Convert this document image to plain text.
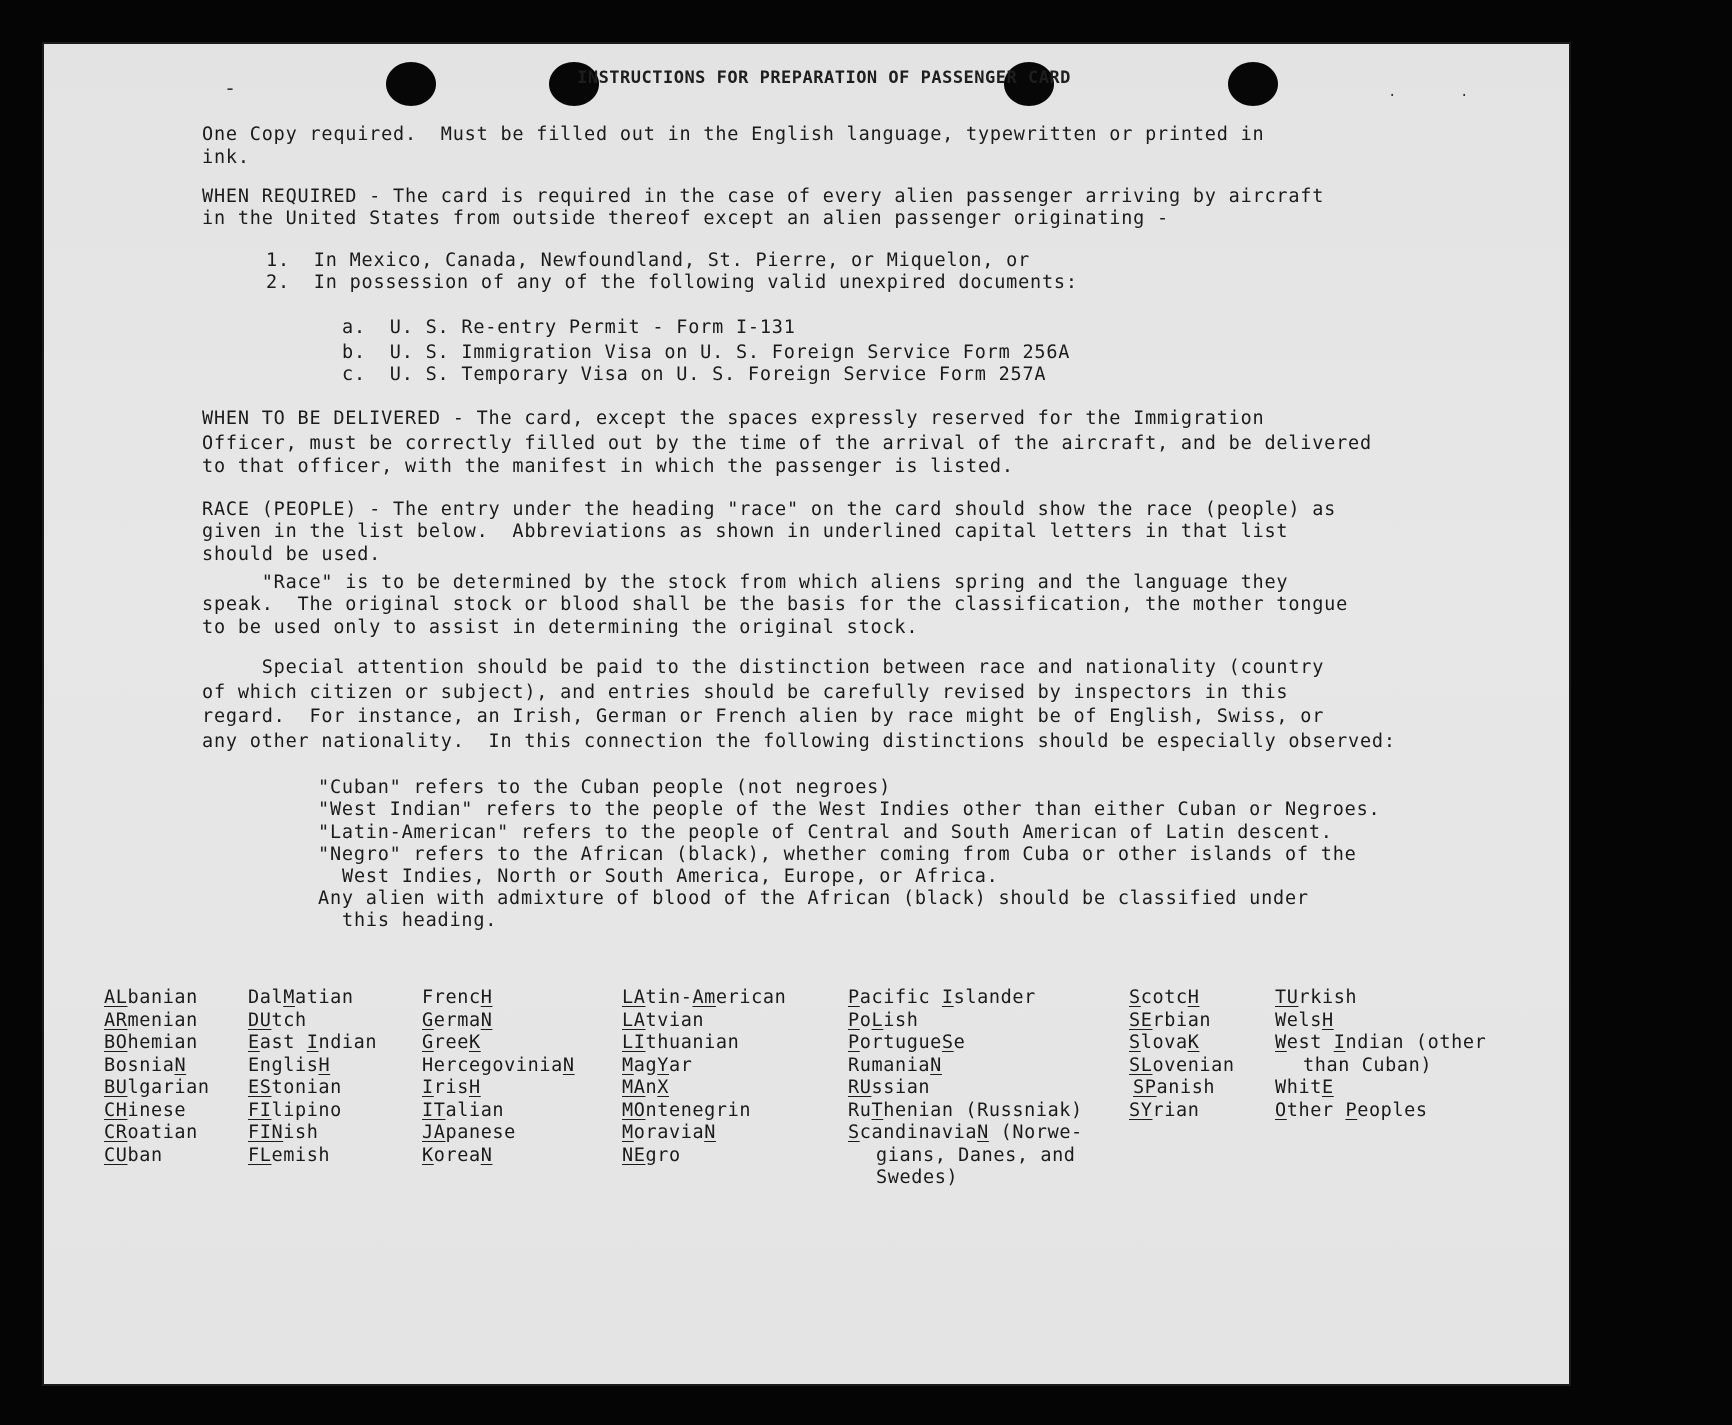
-	.	.
INSTRUCTIONS FOR PREPARATION OF PASSENGER CARD
One Copy required.  Must be filled out in the English language, typewritten or printed in
ink.
WHEN REQUIRED - The card is required in the case of every alien passenger arriving by aircraft
in the United States from outside thereof except an alien passenger originating -
1.  In Mexico, Canada, Newfoundland, St. Pierre, or Miquelon, or
2.  In possession of any of the following valid unexpired documents:
a.  U. S. Re-entry Permit - Form I-131
b.  U. S. Immigration Visa on U. S. Foreign Service Form 256A
c.  U. S. Temporary Visa on U. S. Foreign Service Form 257A
WHEN TO BE DELIVERED - The card, except the spaces expressly reserved for the Immigration
Officer, must be correctly filled out by the time of the arrival of the aircraft, and be delivered
to that officer, with the manifest in which the passenger is listed.
RACE (PEOPLE) - The entry under the heading "race" on the card should show the race (people) as
given in the list below.  Abbreviations as shown in underlined capital letters in that list
should be used.
"Race" is to be determined by the stock from which aliens spring and the language they
speak.  The original stock or blood shall be the basis for the classification, the mother tongue
to be used only to assist in determining the original stock.
Special attention should be paid to the distinction between race and nationality (country
of which citizen or subject), and entries should be carefully revised by inspectors in this
regard.  For instance, an Irish, German or French alien by race might be of English, Swiss, or
any other nationality.  In this connection the following distinctions should be especially observed:
"Cuban" refers to the Cuban people (not negroes)
"West Indian" refers to the people of the West Indies other than either Cuban or Negroes.
"Latin-American" refers to the people of Central and South American of Latin descent.
"Negro" refers to the African (black), whether coming from Cuba or other islands of the
West Indies, North or South America, Europe, or Africa.
Any alien with admixture of blood of the African (black) should be classified under
this heading.
ALbanian
ARmenian
BOhemian
BosniaN
BUlgarian
CHinese
CRoatian
CUban
DalMatian
DUtch
East Indian
EnglisH
EStonian
FIlipino
FINish
FLemish
FrencH
GermaN
GreeK
HercegoviniaN
IrisH
ITalian
JApanese
KoreaN
LAtin-American
LAtvian
LIthuanian
MagYar
MAnX
MOntenegrin
MoraviaN
NEgro
Pacific Islander
PoLish
PortugueSe
RumaniaN
RUssian
RuThenian (Russniak)
ScandinaviaN (Norwe-
gians, Danes, and
Swedes)
ScotcH
SErbian
SlovaK
SLovenian
SPanish
SYrian
TUrkish
WelsH
West Indian (other
than Cuban)
WhitE
Other Peoples
